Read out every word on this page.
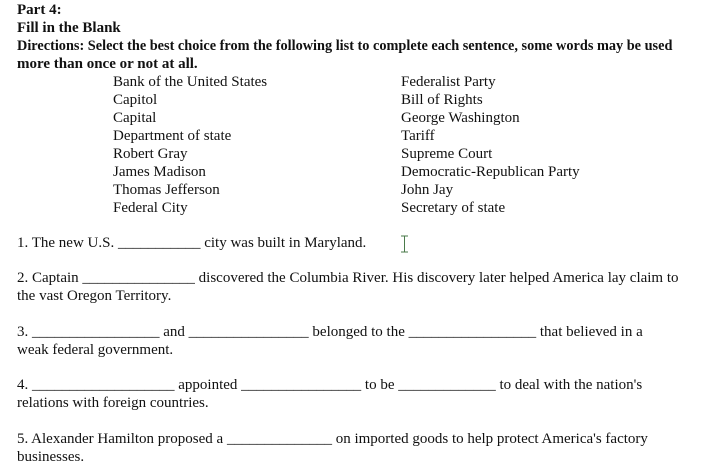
Part 4:
Fill in the Blank
Directions: Select the best choice from the following list to complete each sentence, some words may be used
more than once or not at all.
Bank of the United States
Capitol
Capital
Department of state
Robert Gray
James Madison
Thomas Jefferson
Federal City
Federalist Party
Bill of Rights
George Washington
Tariff
Supreme Court
Democratic-Republican Party
John Jay
Secretary of state
1. The new U.S. ___________ city was built in Maryland.
2. Captain _______________ discovered the Columbia River. His discovery later helped America lay claim to
the vast Oregon Territory.
3. _________________ and ________________ belonged to the _________________ that believed in a
weak federal government.
4. ___________________ appointed ________________ to be _____________ to deal with the nation's
relations with foreign countries.
5. Alexander Hamilton proposed a ______________ on imported goods to help protect America's factory
businesses.
